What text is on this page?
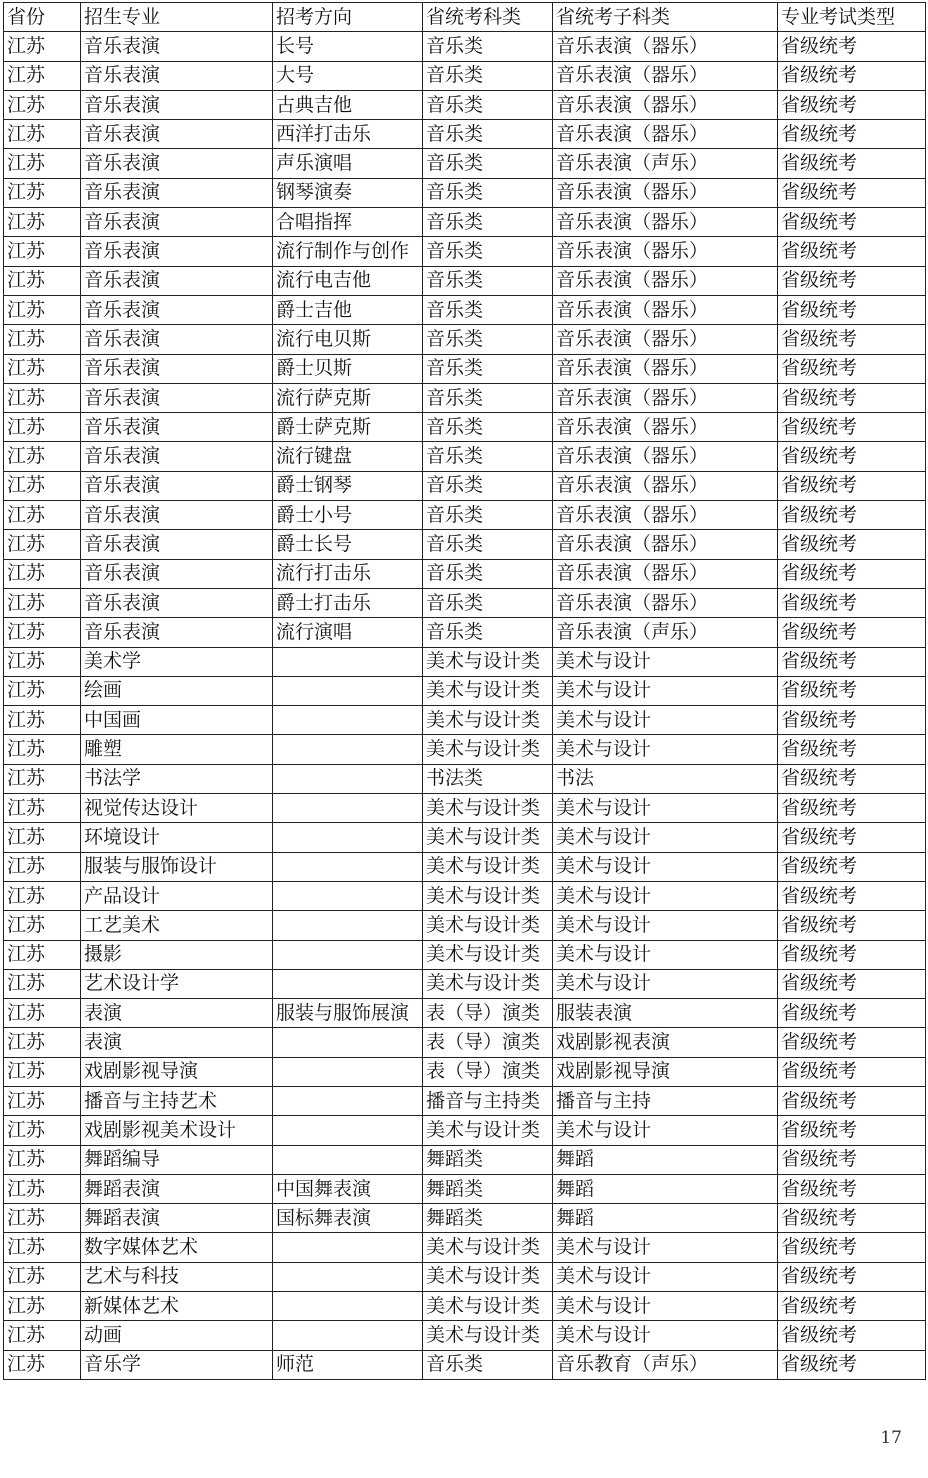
省份	招生专业	招考方向	省统考科类	省统考子科类	专业考试类型
江苏	音乐表演	长号	音乐类	音乐表演（器乐）	省级统考
江苏	音乐表演	大号	音乐类	音乐表演（器乐）	省级统考
江苏	音乐表演	古典吉他	音乐类	音乐表演（器乐）	省级统考
江苏	音乐表演	西洋打击乐	音乐类	音乐表演（器乐）	省级统考
江苏	音乐表演	声乐演唱	音乐类	音乐表演（声乐）	省级统考
江苏	音乐表演	钢琴演奏	音乐类	音乐表演（器乐）	省级统考
江苏	音乐表演	合唱指挥	音乐类	音乐表演（器乐）	省级统考
江苏	音乐表演	流行制作与创作	音乐类	音乐表演（器乐）	省级统考
江苏	音乐表演	流行电吉他	音乐类	音乐表演（器乐）	省级统考
江苏	音乐表演	爵士吉他	音乐类	音乐表演（器乐）	省级统考
江苏	音乐表演	流行电贝斯	音乐类	音乐表演（器乐）	省级统考
江苏	音乐表演	爵士贝斯	音乐类	音乐表演（器乐）	省级统考
江苏	音乐表演	流行萨克斯	音乐类	音乐表演（器乐）	省级统考
江苏	音乐表演	爵士萨克斯	音乐类	音乐表演（器乐）	省级统考
江苏	音乐表演	流行键盘	音乐类	音乐表演（器乐）	省级统考
江苏	音乐表演	爵士钢琴	音乐类	音乐表演（器乐）	省级统考
江苏	音乐表演	爵士小号	音乐类	音乐表演（器乐）	省级统考
江苏	音乐表演	爵士长号	音乐类	音乐表演（器乐）	省级统考
江苏	音乐表演	流行打击乐	音乐类	音乐表演（器乐）	省级统考
江苏	音乐表演	爵士打击乐	音乐类	音乐表演（器乐）	省级统考
江苏	音乐表演	流行演唱	音乐类	音乐表演（声乐）	省级统考
江苏	美术学		美术与设计类	美术与设计	省级统考
江苏	绘画		美术与设计类	美术与设计	省级统考
江苏	中国画		美术与设计类	美术与设计	省级统考
江苏	雕塑		美术与设计类	美术与设计	省级统考
江苏	书法学		书法类	书法	省级统考
江苏	视觉传达设计		美术与设计类	美术与设计	省级统考
江苏	环境设计		美术与设计类	美术与设计	省级统考
江苏	服装与服饰设计		美术与设计类	美术与设计	省级统考
江苏	产品设计		美术与设计类	美术与设计	省级统考
江苏	工艺美术		美术与设计类	美术与设计	省级统考
江苏	摄影		美术与设计类	美术与设计	省级统考
江苏	艺术设计学		美术与设计类	美术与设计	省级统考
江苏	表演	服装与服饰展演	表（导）演类	服装表演	省级统考
江苏	表演		表（导）演类	戏剧影视表演	省级统考
江苏	戏剧影视导演		表（导）演类	戏剧影视导演	省级统考
江苏	播音与主持艺术		播音与主持类	播音与主持	省级统考
江苏	戏剧影视美术设计		美术与设计类	美术与设计	省级统考
江苏	舞蹈编导		舞蹈类	舞蹈	省级统考
江苏	舞蹈表演	中国舞表演	舞蹈类	舞蹈	省级统考
江苏	舞蹈表演	国标舞表演	舞蹈类	舞蹈	省级统考
江苏	数字媒体艺术		美术与设计类	美术与设计	省级统考
江苏	艺术与科技		美术与设计类	美术与设计	省级统考
江苏	新媒体艺术		美术与设计类	美术与设计	省级统考
江苏	动画		美术与设计类	美术与设计	省级统考
江苏	音乐学	师范	音乐类	音乐教育（声乐）	省级统考
17
